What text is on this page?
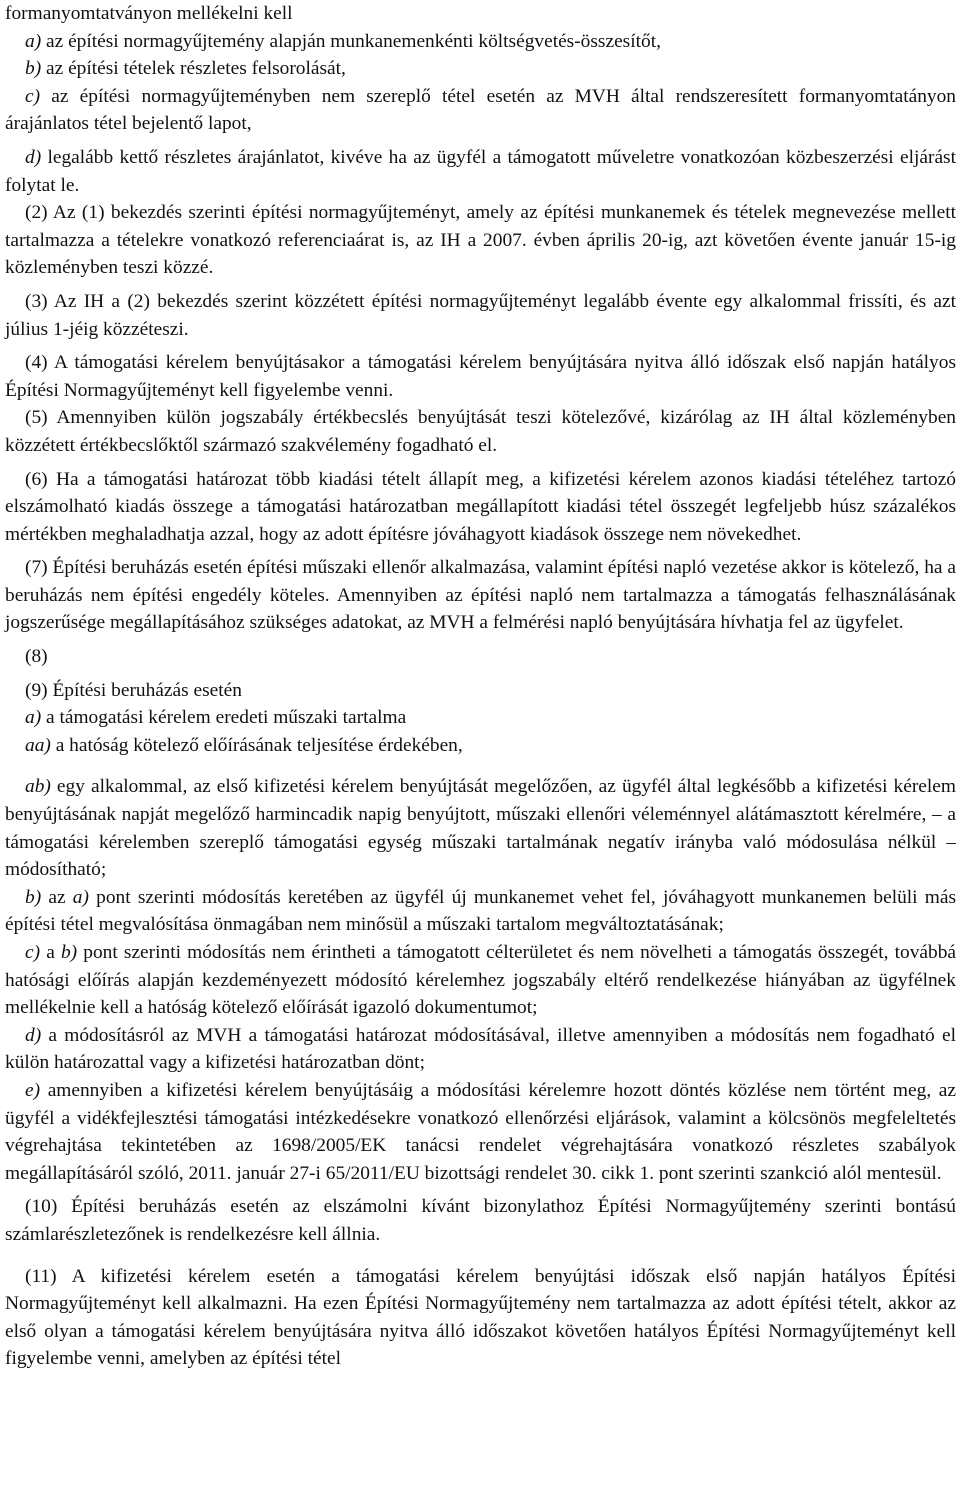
formanyomtatványon mellékelni kell

a) az építési normagyűjtemény alapján munkanemenkénti költségvetés-összesítőt,

b) az építési tételek részletes felsorolását,

c) az építési normagyűjteményben nem szereplő tétel esetén az MVH által rendszeresített formanyomtatányon árajánlatos tétel bejelentő lapot,

d) legalább kettő részletes árajánlatot, kivéve ha az ügyfél a támogatott műveletre vonatkozóan közbeszerzési eljárást folytat le.

(2) Az (1) bekezdés szerinti építési normagyűjteményt, amely az építési munkanemek és tételek megnevezése mellett tartalmazza a tételekre vonatkozó referenciaárat is, az IH a 2007. évben április 20-ig, azt követően évente január 15-ig közleményben teszi közzé.

(3) Az IH a (2) bekezdés szerint közzétett építési normagyűjteményt legalább évente egy alkalommal frissíti, és azt július 1-jéig közzéteszi.

(4) A támogatási kérelem benyújtásakor a támogatási kérelem benyújtására nyitva álló időszak első napján hatályos Építési Normagyűjteményt kell figyelembe venni.

(5) Amennyiben külön jogszabály értékbecslés benyújtását teszi kötelezővé, kizárólag az IH által közleményben közzétett értékbecslőktől származó szakvélemény fogadható el.

(6) Ha a támogatási határozat több kiadási tételt állapít meg, a kifizetési kérelem azonos kiadási tételéhez tartozó elszámolható kiadás összege a támogatási határozatban megállapított kiadási tétel összegét legfeljebb húsz százalékos mértékben meghaladhatja azzal, hogy az adott építésre jóváhagyott kiadások összege nem növekedhet.

(7) Építési beruházás esetén építési műszaki ellenőr alkalmazása, valamint építési napló vezetése akkor is kötelező, ha a beruházás nem építési engedély köteles. Amennyiben az építési napló nem tartalmazza a támogatás felhasználásának jogszerűsége megállapításához szükséges adatokat, az MVH a felmérési napló benyújtására hívhatja fel az ügyfelet.

(8)

(9) Építési beruházás esetén

a) a támogatási kérelem eredeti műszaki tartalma

aa) a hatóság kötelező előírásának teljesítése érdekében,

ab) egy alkalommal, az első kifizetési kérelem benyújtását megelőzően, az ügyfél által legkésőbb a kifizetési kérelem benyújtásának napját megelőző harmincadik napig benyújtott, műszaki ellenőri véleménnyel alátámasztott kérelmére, – a támogatási kérelemben szereplő támogatási egység műszaki tartalmának negatív irányba való módosulása nélkül – módosítható;

b) az a) pont szerinti módosítás keretében az ügyfél új munkanemet vehet fel, jóváhagyott munkanemen belüli más építési tétel megvalósítása önmagában nem minősül a műszaki tartalom megváltoztatásának;

c) a b) pont szerinti módosítás nem érintheti a támogatott célterületet és nem növelheti a támogatás összegét, továbbá hatósági előírás alapján kezdeményezett módosító kérelemhez jogszabály eltérő rendelkezése hiányában az ügyfélnek mellékelnie kell a hatóság kötelező előírását igazoló dokumentumot;

d) a módosításról az MVH a támogatási határozat módosításával, illetve amennyiben a módosítás nem fogadható el külön határozattal vagy a kifizetési határozatban dönt;

e) amennyiben a kifizetési kérelem benyújtásáig a módosítási kérelemre hozott döntés közlése nem történt meg, az ügyfél a vidékfejlesztési támogatási intézkedésekre vonatkozó ellenőrzési eljárások, valamint a kölcsönös megfeleltetés végrehajtása tekintetében az 1698/2005/EK tanácsi rendelet végrehajtására vonatkozó részletes szabályok megállapításáról szóló, 2011. január 27-i 65/2011/EU bizottsági rendelet 30. cikk 1. pont szerinti szankció alól mentesül.

(10) Építési beruházás esetén az elszámolni kívánt bizonylathoz Építési Normagyűjtemény szerinti bontású számlarészletezőnek is rendelkezésre kell állnia.

(11) A kifizetési kérelem esetén a támogatási kérelem benyújtási időszak első napján hatályos Építési Normagyűjteményt kell alkalmazni. Ha ezen Építési Normagyűjtemény nem tartalmazza az adott építési tételt, akkor az első olyan a támogatási kérelem benyújtására nyitva álló időszakot követően hatályos Építési Normagyűjteményt kell figyelembe venni, amelyben az építési tétel
